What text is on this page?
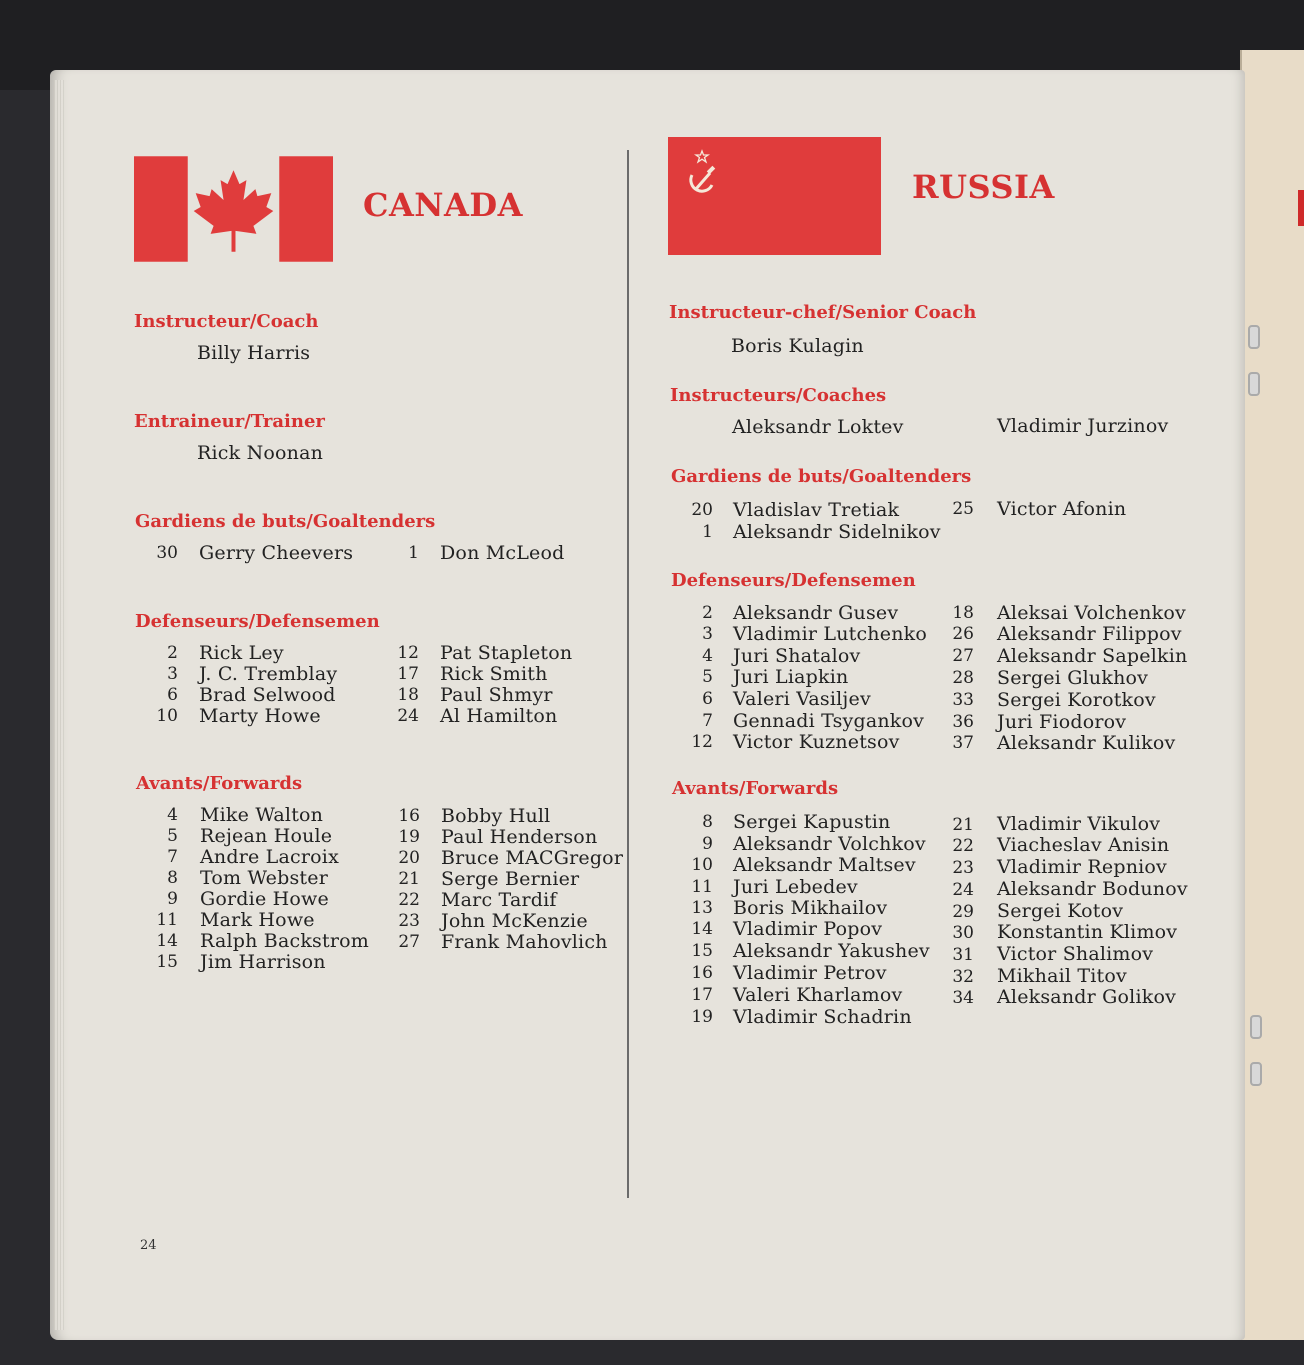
CANADA	RUSSIA
Instructeur/Coach
Billy Harris
Entraineur/Trainer
Rick Noonan
Gardiens de buts/Goaltenders
30 Gerry Cheevers	1 Don McLeod
Defenseurs/Defensemen
2 Rick Ley
3 J. C. Tremblay
6 Brad Selwood
10 Marty Howe
12 Pat Stapleton
17 Rick Smith
18 Paul Shmyr
24 Al Hamilton
Avants/Forwards
4 Mike Walton
5 Rejean Houle
7 Andre Lacroix
8 Tom Webster
9 Gordie Howe
11 Mark Howe
14 Ralph Backstrom
15 Jim Harrison
16 Bobby Hull
19 Paul Henderson
20 Bruce MACGregor
21 Serge Bernier
22 Marc Tardif
23 John McKenzie
27 Frank Mahovlich
Instructeur-chef/Senior Coach
Boris Kulagin
Instructeurs/Coaches
Aleksandr Loktev	Vladimir Jurzinov
Gardiens de buts/Goaltenders
20 Vladislav Tretiak
1 Aleksandr Sidelnikov
25 Victor Afonin
Defenseurs/Defensemen
2 Aleksandr Gusev
3 Vladimir Lutchenko
4 Juri Shatalov
5 Juri Liapkin
6 Valeri Vasiljev
7 Gennadi Tsygankov
12 Victor Kuznetsov
18 Aleksai Volchenkov
26 Aleksandr Filippov
27 Aleksandr Sapelkin
28 Sergei Glukhov
33 Sergei Korotkov
36 Juri Fiodorov
37 Aleksandr Kulikov
Avants/Forwards
8 Sergei Kapustin
9 Aleksandr Volchkov
10 Aleksandr Maltsev
11 Juri Lebedev
13 Boris Mikhailov
14 Vladimir Popov
15 Aleksandr Yakushev
16 Vladimir Petrov
17 Valeri Kharlamov
19 Vladimir Schadrin
21 Vladimir Vikulov
22 Viacheslav Anisin
23 Vladimir Repniov
24 Aleksandr Bodunov
29 Sergei Kotov
30 Konstantin Klimov
31 Victor Shalimov
32 Mikhail Titov
34 Aleksandr Golikov
24
